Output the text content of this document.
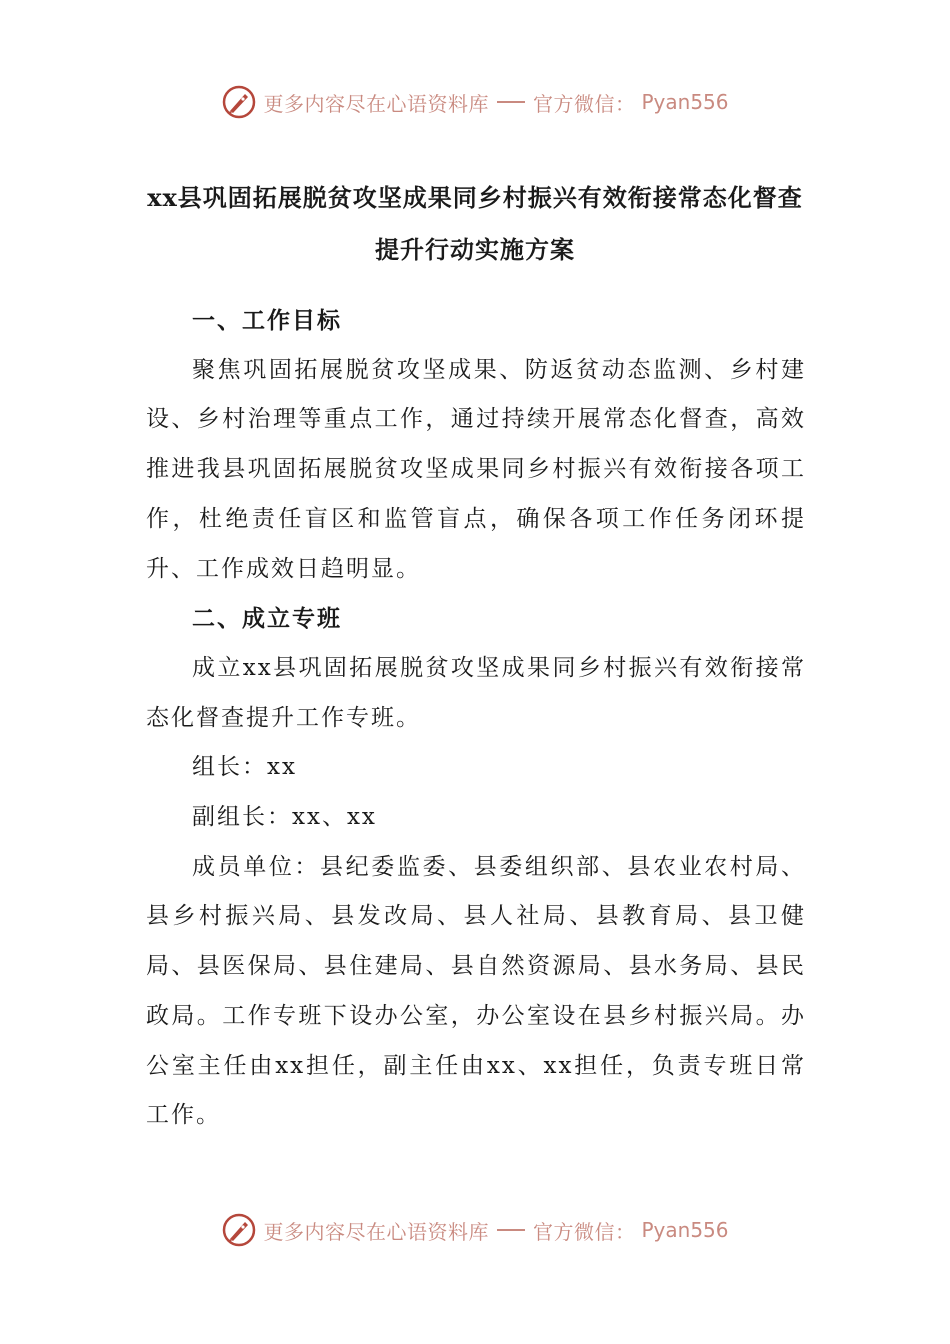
更多内容尽在心语资料库 官方微信： Pyan556
xx县巩固拓展脱贫攻坚成果同乡村振兴有效衔接常态化督查提升行动实施方案
一、工作目标

聚焦巩固拓展脱贫攻坚成果、防返贫动态监测、乡村建设、乡村治理等重点工作，通过持续开展常态化督查，高效推进我县巩固拓展脱贫攻坚成果同乡村振兴有效衔接各项工作，杜绝责任盲区和监管盲点，确保各项工作任务闭环提升、工作成效日趋明显。

二、成立专班

成立xx县巩固拓展脱贫攻坚成果同乡村振兴有效衔接常态化督查提升工作专班。

组长：xx

副组长：xx、xx

成员单位：县纪委监委、县委组织部、县农业农村局、县乡村振兴局、县发改局、县人社局、县教育局、县卫健局、县医保局、县住建局、县自然资源局、县水务局、县民政局。工作专班下设办公室，办公室设在县乡村振兴局。办公室主任由xx担任，副主任由xx、xx担任，负责专班日常工作。

更多内容尽在心语资料库 官方微信： Pyan556
